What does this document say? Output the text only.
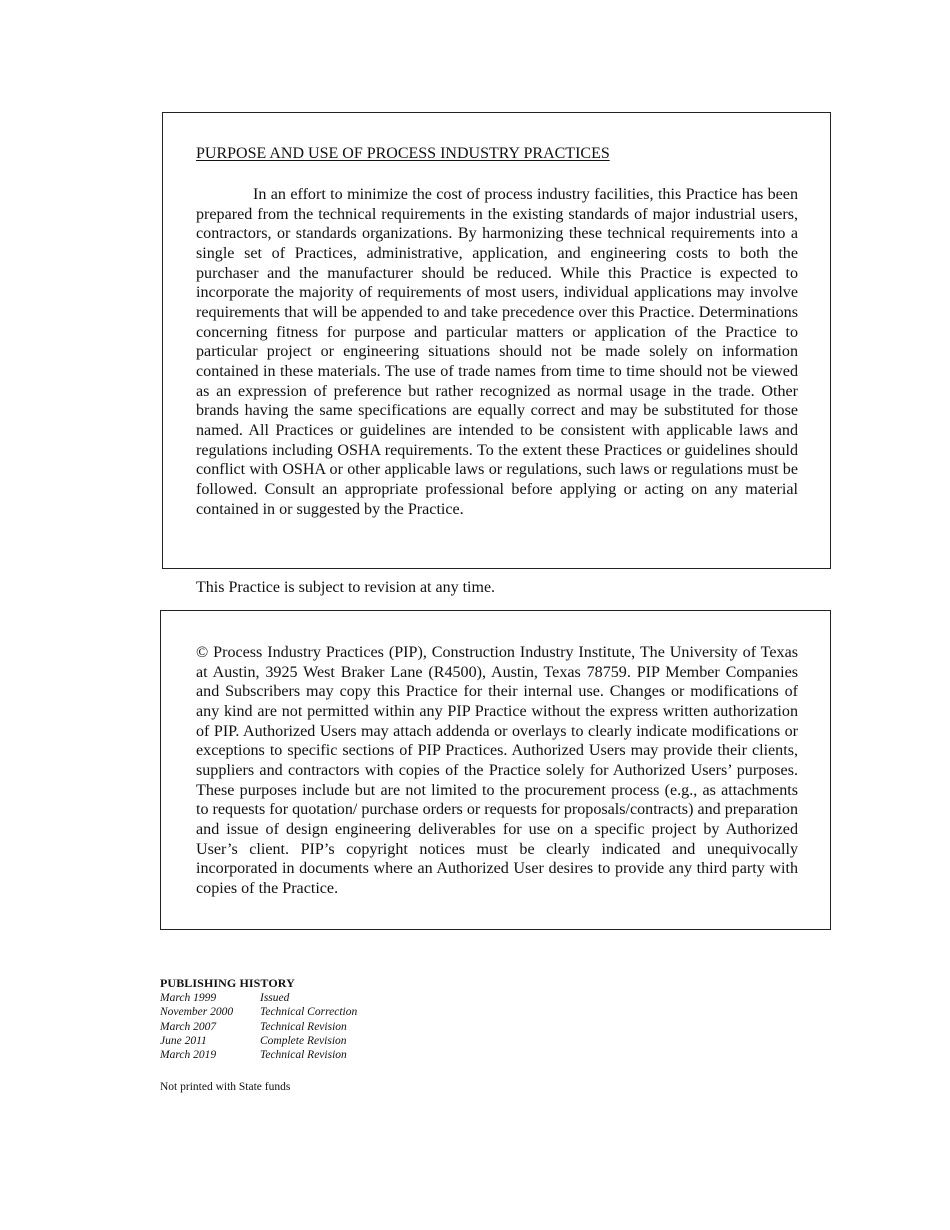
PURPOSE AND USE OF PROCESS INDUSTRY PRACTICES
In an effort to minimize the cost of process industry facilities, this Practice has been prepared from the technical requirements in the existing standards of major industrial users, contractors, or standards organizations. By harmonizing these technical requirements into a single set of Practices, administrative, application, and engineering costs to both the purchaser and the manufacturer should be reduced. While this Practice is expected to incorporate the majority of requirements of most users, individual applications may involve requirements that will be appended to and take precedence over this Practice. Determinations concerning fitness for purpose and particular matters or application of the Practice to particular project or engineering situations should not be made solely on information contained in these materials. The use of trade names from time to time should not be viewed as an expression of preference but rather recognized as normal usage in the trade. Other brands having the same specifications are equally correct and may be substituted for those named. All Practices or guidelines are intended to be consistent with applicable laws and regulations including OSHA requirements. To the extent these Practices or guidelines should conflict with OSHA or other applicable laws or regulations, such laws or regulations must be followed. Consult an appropriate professional before applying or acting on any material contained in or suggested by the Practice.
This Practice is subject to revision at any time.
© Process Industry Practices (PIP), Construction Industry Institute, The University of Texas at Austin, 3925 West Braker Lane (R4500), Austin, Texas 78759. PIP Member Companies and Subscribers may copy this Practice for their internal use. Changes or modifications of any kind are not permitted within any PIP Practice without the express written authorization of PIP. Authorized Users may attach addenda or overlays to clearly indicate modifications or exceptions to specific sections of PIP Practices. Authorized Users may provide their clients, suppliers and contractors with copies of the Practice solely for Authorized Users’ purposes. These purposes include but are not limited to the procurement process (e.g., as attachments to requests for quotation/ purchase orders or requests for proposals/contracts) and preparation and issue of design engineering deliverables for use on a specific project by Authorized User’s client. PIP’s copyright notices must be clearly indicated and unequivocally incorporated in documents where an Authorized User desires to provide any third party with copies of the Practice.
PUBLISHING HISTORY
March 1999	Issued
November 2000	Technical Correction
March 2007	Technical Revision
June 2011	Complete Revision
March 2019	Technical Revision
Not printed with State funds
